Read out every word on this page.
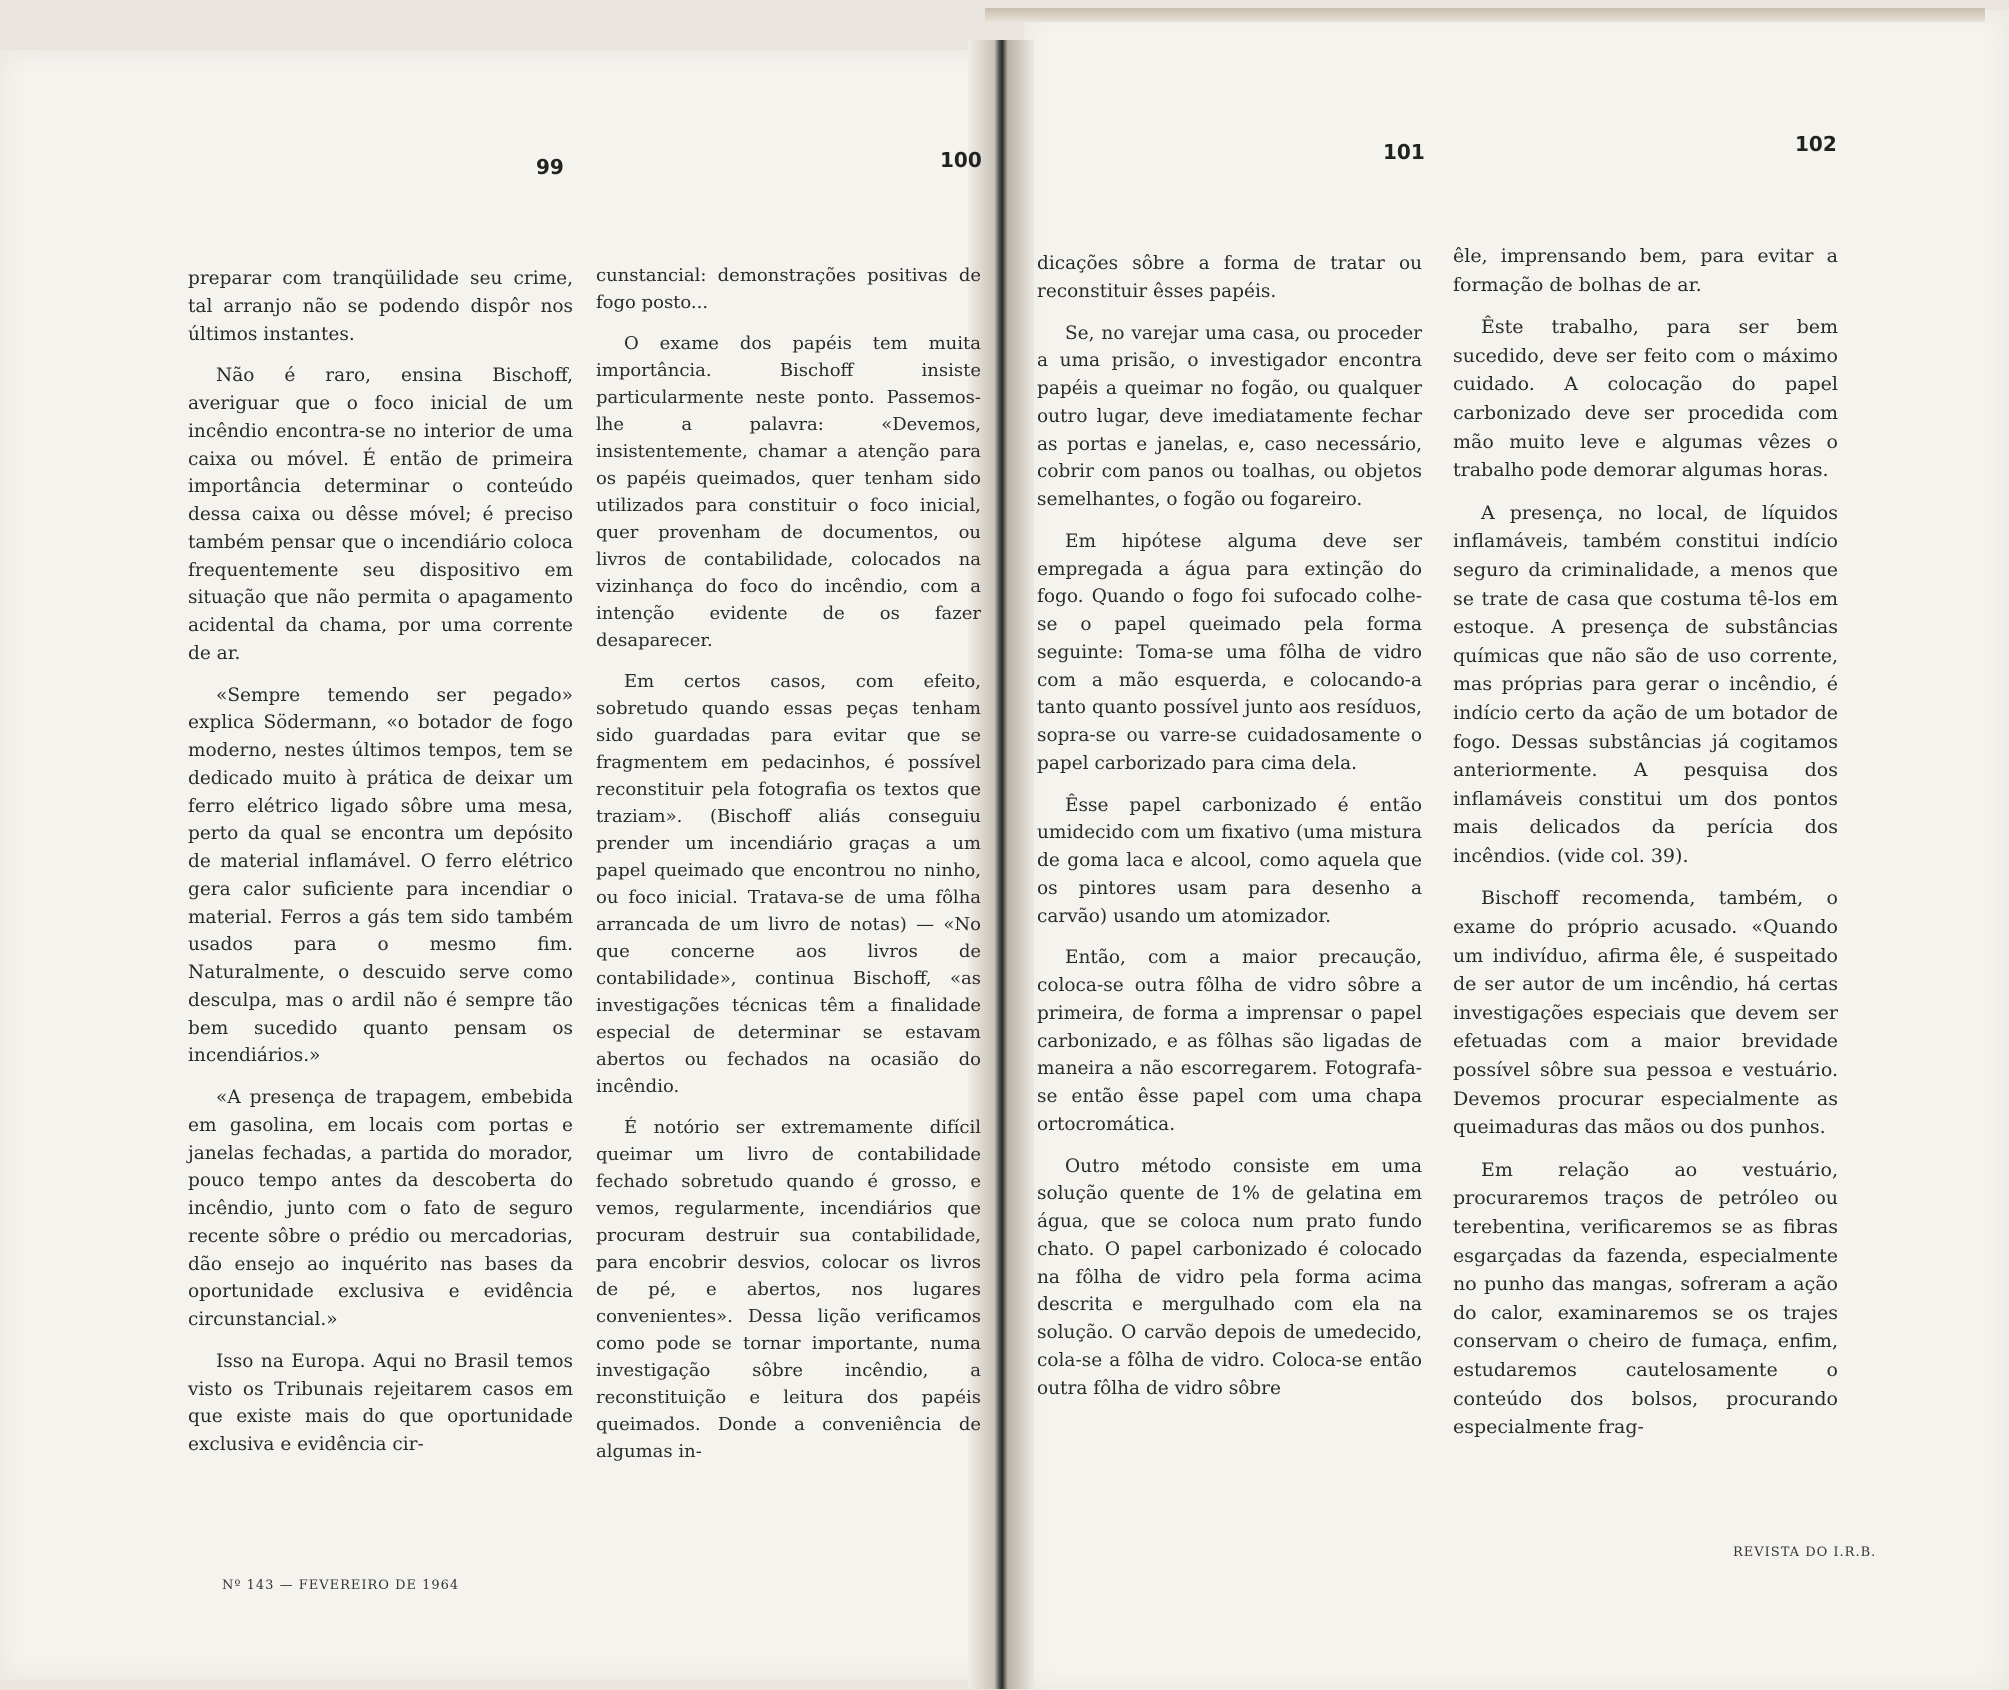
99	100	101	102

preparar com tranqüilidade seu crime, tal arranjo não se podendo dispôr nos últimos instantes.

Não é raro, ensina Bischoff, averiguar que o foco inicial de um incêndio encontra-se no interior de uma caixa ou móvel. É então de primeira importância determinar o conteúdo dessa caixa ou dêsse móvel; é preciso também pensar que o incendiário coloca frequentemente seu dispositivo em situação que não permita o apagamento acidental da chama, por uma corrente de ar.

«Sempre temendo ser pegado» explica Södermann, «o botador de fogo moderno, nestes últimos tempos, tem se dedicado muito à prática de deixar um ferro elétrico ligado sôbre uma mesa, perto da qual se encontra um depósito de material inflamável. O ferro elétrico gera calor suficiente para incendiar o material. Ferros a gás tem sido também usados para o mesmo fim. Naturalmente, o descuido serve como desculpa, mas o ardil não é sempre tão bem sucedido quanto pensam os incendiários.»

«A presença de trapagem, embebida em gasolina, em locais com portas e janelas fechadas, a partida do morador, pouco tempo antes da descoberta do incêndio, junto com o fato de seguro recente sôbre o prédio ou mercadorias, dão ensejo ao inquérito nas bases da oportunidade exclusiva e evidência circunstancial.»

Isso na Europa. Aqui no Brasil temos visto os Tribunais rejeitarem casos em que existe mais do que oportunidade exclusiva e evidência cir-

cunstancial: demonstrações positivas de fogo posto...

O exame dos papéis tem muita importância. Bischoff insiste particularmente neste ponto. Passemos-lhe a palavra: «Devemos, insistentemente, chamar a atenção para os papéis queimados, quer tenham sido utilizados para constituir o foco inicial, quer provenham de documentos, ou livros de contabilidade, colocados na vizinhança do foco do incêndio, com a intenção evidente de os fazer desaparecer.

Em certos casos, com efeito, sobretudo quando essas peças tenham sido guardadas para evitar que se fragmentem em pedacinhos, é possível reconstituir pela fotografia os textos que traziam». (Bischoff aliás conseguiu prender um incendiário graças a um papel queimado que encontrou no ninho, ou foco inicial. Tratava-se de uma fôlha arrancada de um livro de notas) — «No que concerne aos livros de contabilidade», continua Bischoff, «as investigações técnicas têm a finalidade especial de determinar se estavam abertos ou fechados na ocasião do incêndio.

É notório ser extremamente difícil queimar um livro de contabilidade fechado sobretudo quando é grosso, e vemos, regularmente, incendiários que procuram destruir sua contabilidade, para encobrir desvios, colocar os livros de pé, e abertos, nos lugares convenientes». Dessa lição verificamos como pode se tornar importante, numa investigação sôbre incêndio, a reconstituição e leitura dos papéis queimados. Donde a conveniência de algumas in-

dicações sôbre a forma de tratar ou reconstituir êsses papéis.

Se, no varejar uma casa, ou proceder a uma prisão, o investigador encontra papéis a queimar no fogão, ou qualquer outro lugar, deve imediatamente fechar as portas e janelas, e, caso necessário, cobrir com panos ou toalhas, ou objetos semelhantes, o fogão ou fogareiro.

Em hipótese alguma deve ser empregada a água para extinção do fogo. Quando o fogo foi sufocado colhe-se o papel queimado pela forma seguinte: Toma-se uma fôlha de vidro com a mão esquerda, e colocando-a tanto quanto possível junto aos resíduos, sopra-se ou varre-se cuidadosamente o papel carborizado para cima dela.

Êsse papel carbonizado é então umidecido com um fixativo (uma mistura de goma laca e alcool, como aquela que os pintores usam para desenho a carvão) usando um atomizador.

Então, com a maior precaução, coloca-se outra fôlha de vidro sôbre a primeira, de forma a imprensar o papel carbonizado, e as fôlhas são ligadas de maneira a não escorregarem. Fotografa-se então êsse papel com uma chapa ortocromática.

Outro método consiste em uma solução quente de 1% de gelatina em água, que se coloca num prato fundo chato. O papel carbonizado é colocado na fôlha de vidro pela forma acima descrita e mergulhado com ela na solução. O carvão depois de umedecido, cola-se a fôlha de vidro. Coloca-se então outra fôlha de vidro sôbre

êle, imprensando bem, para evitar a formação de bolhas de ar.

Êste trabalho, para ser bem sucedido, deve ser feito com o máximo cuidado. A colocação do papel carbonizado deve ser procedida com mão muito leve e algumas vêzes o trabalho pode demorar algumas horas.

A presença, no local, de líquidos inflamáveis, também constitui indício seguro da criminalidade, a menos que se trate de casa que costuma tê-los em estoque. A presença de substâncias químicas que não são de uso corrente, mas próprias para gerar o incêndio, é indício certo da ação de um botador de fogo. Dessas substâncias já cogitamos anteriormente. A pesquisa dos inflamáveis constitui um dos pontos mais delicados da perícia dos incêndios. (vide col. 39).

Bischoff recomenda, também, o exame do próprio acusado. «Quando um indivíduo, afirma êle, é suspeitado de ser autor de um incêndio, há certas investigações especiais que devem ser efetuadas com a maior brevidade possível sôbre sua pessoa e vestuário. Devemos procurar especialmente as queimaduras das mãos ou dos punhos.

Em relação ao vestuário, procuraremos traços de petróleo ou terebentina, verificaremos se as fibras esgarçadas da fazenda, especialmente no punho das mangas, sofreram a ação do calor, examinaremos se os trajes conservam o cheiro de fumaça, enfim, estudaremos cautelosamente o conteúdo dos bolsos, procurando especialmente frag-

Nº 143 — FEVEREIRO DE 1964
REVISTA DO I.R.B.
